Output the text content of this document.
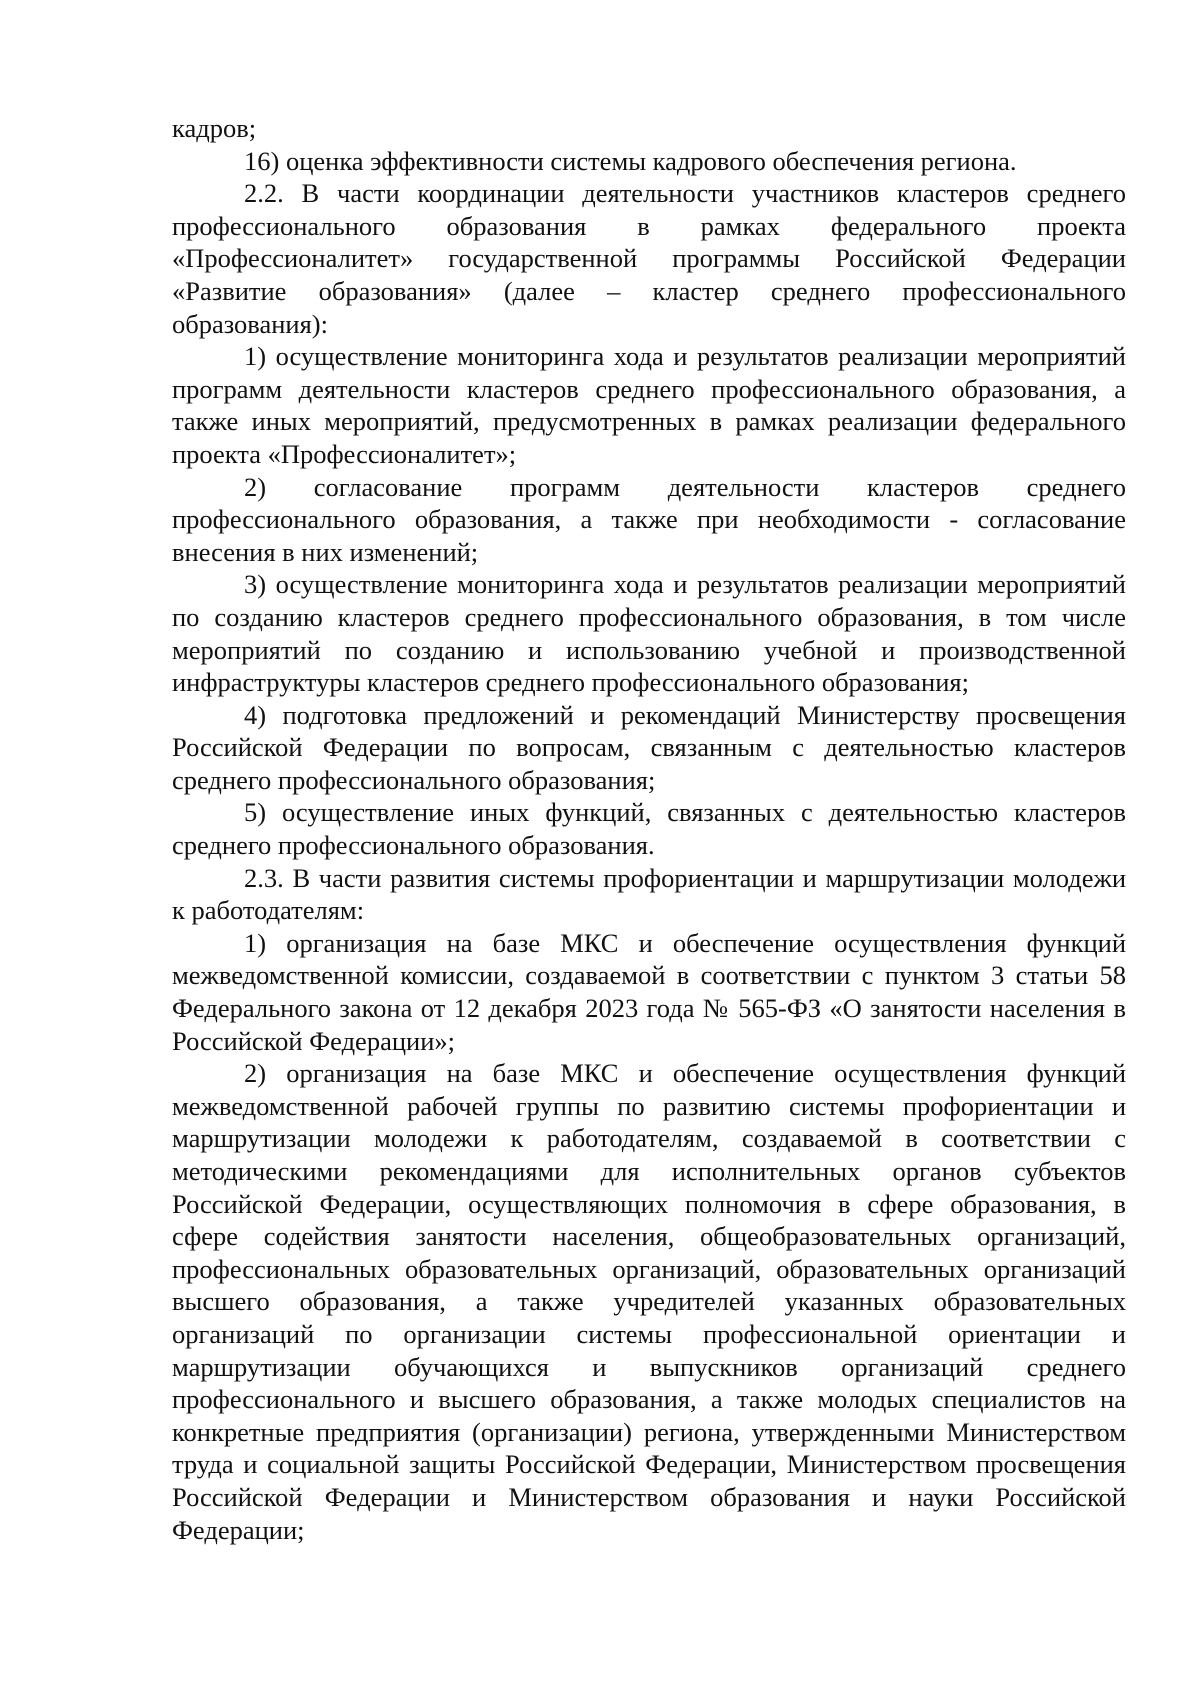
кадров;

16) оценка эффективности системы кадрового обеспечения региона.

2.2. В части координации деятельности участников кластеров среднего профессионального образования в рамках федерального проекта «Профессионалитет» государственной программы Российской Федерации «Развитие образования» (далее – кластер среднего профессионального образования):

1) осуществление мониторинга хода и результатов реализации мероприятий программ деятельности кластеров среднего профессионального образования, а также иных мероприятий, предусмотренных в рамках реализации федерального проекта «Профессионалитет»;

2) согласование программ деятельности кластеров среднего профессионального образования, а также при необходимости - согласование внесения в них изменений;

3) осуществление мониторинга хода и результатов реализации мероприятий по созданию кластеров среднего профессионального образования, в том числе мероприятий по созданию и использованию учебной и производственной инфраструктуры кластеров среднего профессионального образования;

4) подготовка предложений и рекомендаций Министерству просвещения Российской Федерации по вопросам, связанным с деятельностью кластеров среднего профессионального образования;

5) осуществление иных функций, связанных с деятельностью кластеров среднего профессионального образования.

2.3. В части развития системы профориентации и маршрутизации молодежи к работодателям:

1) организация на базе МКС и обеспечение осуществления функций межведомственной комиссии, создаваемой в соответствии с пунктом 3 статьи 58 Федерального закона от 12 декабря 2023 года № 565-ФЗ «О занятости населения в Российской Федерации»;

2) организация на базе МКС и обеспечение осуществления функций межведомственной рабочей группы по развитию системы профориентации и маршрутизации молодежи к работодателям, создаваемой в соответствии с методическими рекомендациями для исполнительных органов субъектов Российской Федерации, осуществляющих полномочия в сфере образования, в сфере содействия занятости населения, общеобразовательных организаций, профессиональных образовательных организаций, образовательных организаций высшего образования, а также учредителей указанных образовательных организаций по организации системы профессиональной ориентации и маршрутизации обучающихся и выпускников организаций среднего профессионального и высшего образования, а также молодых специалистов на конкретные предприятия (организации) региона, утвержденными Министерством труда и социальной защиты Российской Федерации, Министерством просвещения Российской Федерации и Министерством образования и науки Российской Федерации;
